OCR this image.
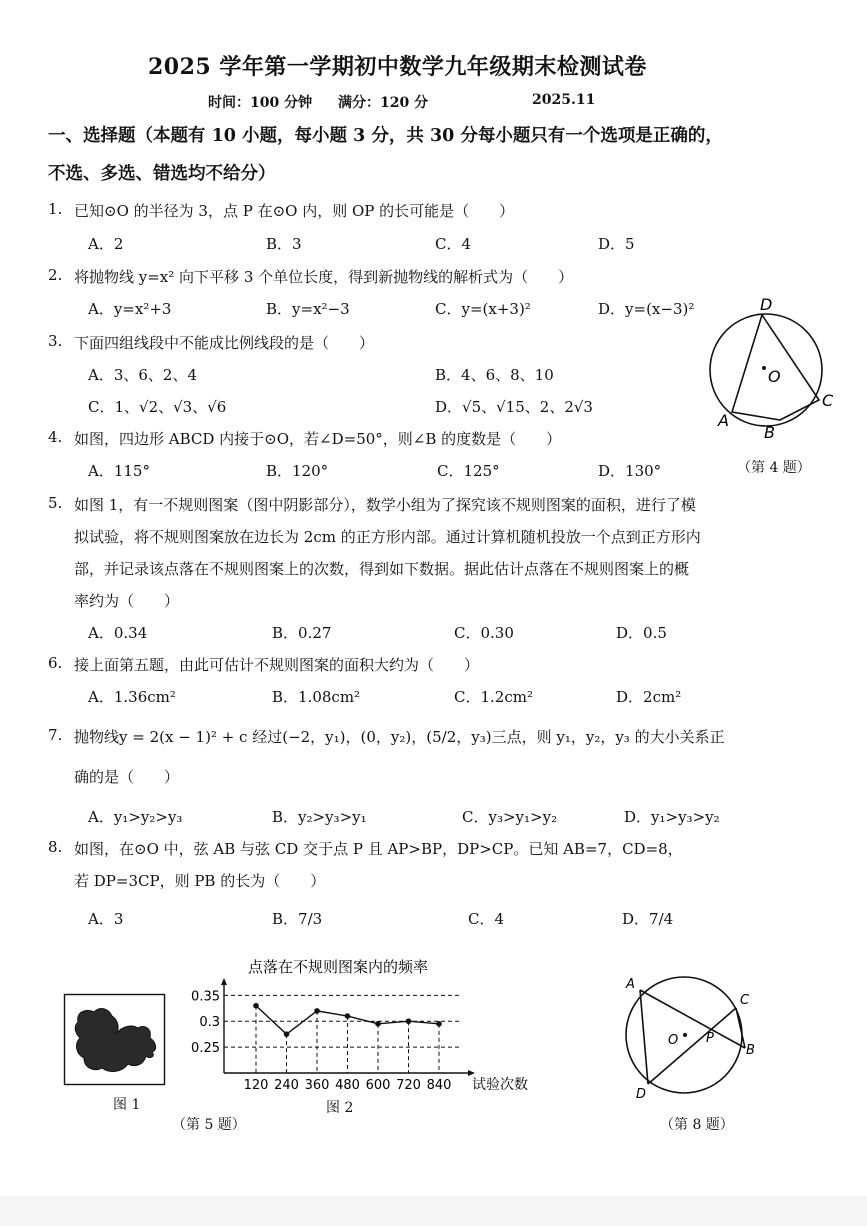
2025 学年第一学期初中数学九年级期末检测试卷
时间：100 分钟 满分：120 分	2025.11
一、选择题（本题有 10 小题，每小题 3 分，共 30 分每小题只有一个选项是正确的，
不选、多选、错选均不给分）
1. 已知⊙O 的半径为 3，点 P 在⊙O 内，则 OP 的长可能是（　　）
A．2	B．3	C．4	D．5
2. 将抛物线 y=x² 向下平移 3 个单位长度，得到新抛物线的解析式为（　　）
A．y=x²+3	B．y=x²−3	C．y=(x+3)²	D．y=(x−3)²
3. 下面四组线段中不能成比例线段的是（　　）
A．3、6、2、4	B．4、6、8、10
C．1、√2、√3、√6	D．√5、√15、2、2√3
4. 如图，四边形 ABCD 内接于⊙O，若∠D=50°，则∠B 的度数是（　　）
A．115°	B．120°	C．125°	D．130°
D
O
C
A
B
（第 4 题）
5. 如图 1，有一不规则图案（图中阴影部分），数学小组为了探究该不规则图案的面积，进行了模
拟试验，将不规则图案放在边长为 2cm 的正方形内部。通过计算机随机投放一个点到正方形内
部，并记录该点落在不规则图案上的次数，得到如下数据。据此估计点落在不规则图案上的概
率约为（　　）
A．0.34	B．0.27	C．0.30	D．0.5
6. 接上面第五题，由此可估计不规则图案的面积大约为（　　）
A．1.36cm²	B．1.08cm²	C．1.2cm²	D．2cm²
7. 抛物线y = 2(x − 1)² + c 经过(−2，y₁)，(0，y₂)，(5/2，y₃)三点，则 y₁，y₂，y₃ 的大小关系正
确的是（　　）
A．y₁>y₂>y₃	B．y₂>y₃>y₁	C．y₃>y₁>y₂	D．y₁>y₃>y₂
8. 如图，在⊙O 中，弦 AB 与弦 CD 交于点 P 且 AP>BP，DP>CP。已知 AB=7，CD=8，
若 DP=3CP，则 PB 的长为（　　）
A．3	B．7/3	C．4	D．7/4
图 1
点落在不规则图案内的频率
0.35
0.3
0.25
120 240 360 480 600 720 840 试验次数
图 2
（第 5 题）
A
C
O P
B
D
（第 8 题）
